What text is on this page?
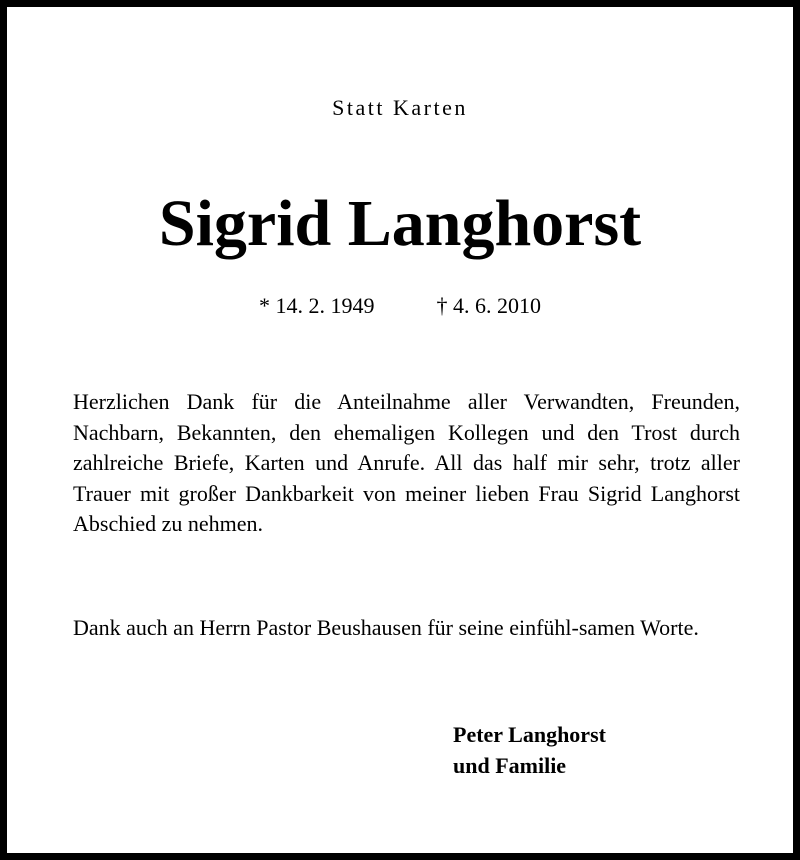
Statt Karten
Sigrid Langhorst
* 14. 2. 1949	† 4. 6. 2010
Herzlichen Dank für die Anteilnahme aller Verwandten, Freunden, Nachbarn, Bekannten, den ehemaligen Kollegen und den Trost durch zahlreiche Briefe, Karten und Anrufe. All das half mir sehr, trotz aller Trauer mit großer Dankbarkeit von meiner lieben Frau Sigrid Langhorst Abschied zu nehmen.
Dank auch an Herrn Pastor Beushausen für seine einfühl-samen Worte.
Peter Langhorst
und Familie
